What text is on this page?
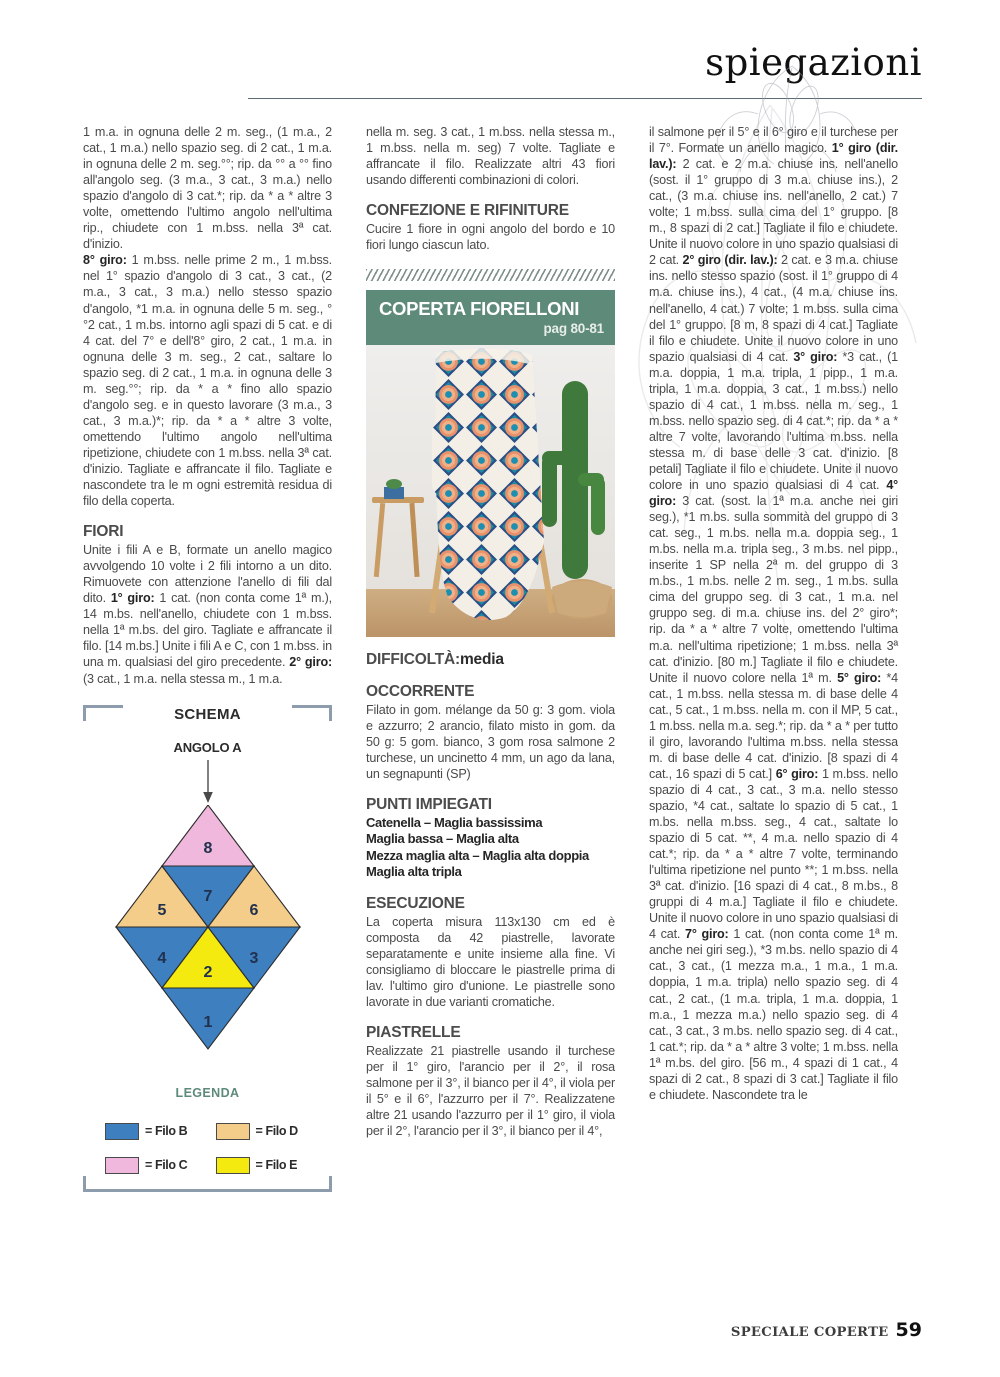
spiegazioni
1 m.a. in ognuna delle 2 m. seg., (1 m.a., 2 cat., 1 m.a.) nello spazio seg. di 2 cat., 1 m.a. in ognuna delle 2 m. seg.°°; rip. da °° a °° fino all'angolo seg. (3 m.a., 3 cat., 3 m.a.) nello spazio d'angolo di 3 cat.*; rip. da * a * altre 3 volte, omettendo l'ultimo angolo nell'ultima rip., chiudete con 1 m.bss. nella 3ª cat. d'inizio.
8° giro: 1 m.bss. nelle prime 2 m., 1 m.bss. nel 1° spazio d'angolo di 3 cat., 3 cat., (2 m.a., 3 cat., 3 m.a.) nello stesso spazio d'angolo, *1 m.a. in ognuna delle 5 m. seg., °°2 cat., 1 m.bs. intorno agli spazi di 5 cat. e di 4 cat. del 7° e dell'8° giro, 2 cat., 1 m.a. in ognuna delle 3 m. seg., 2 cat., saltare lo spazio seg. di 2 cat., 1 m.a. in ognuna delle 3 m. seg.°°; rip. da * a * fino allo spazio d'angolo seg. e in questo lavorare (3 m.a., 3 cat., 3 m.a.)*; rip. da * a * altre 3 volte, omettendo l'ultimo angolo nell'ultima ripetizione, chiudete con 1 m.bss. nella 3ª cat. d'inizio. Tagliate e affrancate il filo. Tagliate e nascondete tra le m ogni estremità residua di filo della coperta.
FIORI
Unite i fili A e B, formate un anello magico avvolgendo 10 volte i 2 fili intorno a un dito. Rimuovete con attenzione l'anello di fili dal dito. 1° giro: 1 cat. (non conta come 1ª m.), 14 m.bs. nell'anello, chiudete con 1 m.bss. nella 1ª m.bs. del giro. Tagliate e affrancate il filo. [14 m.bs.] Unite i fili A e C, con 1 m.bss. in una m. qualsiasi del giro precedente. 2° giro: (3 cat., 1 m.a. nella stessa m., 1 m.a.
SCHEMA
ANGOLO A
8
5
7
6
4
2
3
1
LEGENDA
= Filo B	= Filo D
= Filo C	= Filo E
nella m. seg. 3 cat., 1 m.bss. nella stessa m., 1 m.bss. nella m. seg) 7 volte. Tagliate e affrancate il filo. Realizzate altri 43 fiori usando differenti combinazioni di colori.
CONFEZIONE E RIFINITURE
Cucire 1 fiore in ogni angolo del bordo e 10 fiori lungo ciascun lato.
COPERTA FIORELLONI
pag 80-81
DIFFICOLTÀ:media
OCCORRENTE
Filato in gom. mélange da 50 g: 3 gom. viola e azzurro; 2 arancio, filato misto in gom. da 50 g: 5 gom. bianco, 3 gom rosa salmone 2 turchese, un uncinetto 4 mm, un ago da lana, un segnapunti (SP)
PUNTI IMPIEGATI
Catenella – Maglia bassissima
Maglia bassa – Maglia alta
Mezza maglia alta – Maglia alta doppia
Maglia alta tripla
ESECUZIONE
La coperta misura 113x130 cm ed è composta da 42 piastrelle, lavorate separatamente e unite insieme alla fine. Vi consigliamo di bloccare le piastrelle prima di lav. l'ultimo giro d'unione. Le piastrelle sono lavorate in due varianti cromatiche.
PIASTRELLE
Realizzate 21 piastrelle usando il turchese per il 1° giro, l'arancio per il 2°, il rosa salmone per il 3°, il bianco per il 4°, il viola per il 5° e il 6°, l'azzurro per il 7°. Realizzatene altre 21 usando l'azzurro per il 1° giro, il viola per il 2°, l'arancio per il 3°, il bianco per il 4°,
il salmone per il 5° e il 6° giro e il turchese per il 7°. Formate un anello magico. 1° giro (dir. lav.): 2 cat. e 2 m.a. chiuse ins. nell'anello (sost. il 1° gruppo di 3 m.a. chiuse ins.), 2 cat., (3 m.a. chiuse ins. nell'anello, 2 cat.) 7 volte; 1 m.bss. sulla cima del 1° gruppo. [8 m., 8 spazi di 2 cat.] Tagliate il filo e chiudete. Unite il nuovo colore in uno spazio qualsiasi di 2 cat. 2° giro (dir. lav.): 2 cat. e 3 m.a. chiuse ins. nello stesso spazio (sost. il 1° gruppo di 4 m.a. chiuse ins.), 4 cat., (4 m.a. chiuse ins. nell'anello, 4 cat.) 7 volte; 1 m.bss. sulla cima del 1° gruppo. [8 m, 8 spazi di 4 cat.] Tagliate il filo e chiudete. Unite il nuovo colore in uno spazio qualsiasi di 4 cat. 3° giro: *3 cat., (1 m.a. doppia, 1 m.a. tripla, 1 pipp., 1 m.a. tripla, 1 m.a. doppia, 3 cat., 1 m.bss.) nello spazio di 4 cat., 1 m.bss. nella m. seg., 1 m.bss. nello spazio seg. di 4 cat.*; rip. da * a * altre 7 volte, lavorando l'ultima m.bss. nella stessa m. di base delle 3 cat. d'inizio. [8 petali] Tagliate il filo e chiudete. Unite il nuovo colore in uno spazio qualsiasi di 4 cat. 4° giro: 3 cat. (sost. la 1ª m.a. anche nei giri seg.), *1 m.bs. sulla sommità del gruppo di 3 cat. seg., 1 m.bs. nella m.a. doppia seg., 1 m.bs. nella m.a. tripla seg., 3 m.bs. nel pipp., inserite 1 SP nella 2ª m. del gruppo di 3 m.bs., 1 m.bs. nelle 2 m. seg., 1 m.bs. sulla cima del gruppo seg. di 3 cat., 1 m.a. nel gruppo seg. di m.a. chiuse ins. del 2° giro*; rip. da * a * altre 7 volte, omettendo l'ultima m.a. nell'ultima ripetizione; 1 m.bss. nella 3ª cat. d'inizio. [80 m.] Tagliate il filo e chiudete. Unite il nuovo colore nella 1ª m. 5° giro: *4 cat., 1 m.bss. nella stessa m. di base delle 4 cat., 5 cat., 1 m.bss. nella m. con il MP, 5 cat., 1 m.bss. nella m.a. seg.*; rip. da * a * per tutto il giro, lavorando l'ultima m.bss. nella stessa m. di base delle 4 cat. d'inizio. [8 spazi di 4 cat., 16 spazi di 5 cat.] 6° giro: 1 m.bss. nello spazio di 4 cat., 3 cat., 3 m.a. nello stesso spazio, *4 cat., saltate lo spazio di 5 cat., 1 m.bs. nella m.bss. seg., 4 cat., saltate lo spazio di 5 cat. **, 4 m.a. nello spazio di 4 cat.*; rip. da * a * altre 7 volte, terminando l'ultima ripetizione nel punto **; 1 m.bss. nella 3ª cat. d'inizio. [16 spazi di 4 cat., 8 m.bs., 8 gruppi di 4 m.a.] Tagliate il filo e chiudete. Unite il nuovo colore in uno spazio qualsiasi di 4 cat. 7° giro: 1 cat. (non conta come 1ª m. anche nei giri seg.), *3 m.bs. nello spazio di 4 cat., 3 cat., (1 mezza m.a., 1 m.a., 1 m.a. doppia, 1 m.a. tripla) nello spazio seg. di 4 cat., 2 cat., (1 m.a. tripla, 1 m.a. doppia, 1 m.a., 1 mezza m.a.) nello spazio seg. di 4 cat., 3 cat., 3 m.bs. nello spazio seg. di 4 cat., 1 cat.*; rip. da * a * altre 3 volte; 1 m.bss. nella 1ª m.bs. del giro. [56 m., 4 spazi di 1 cat., 4 spazi di 2 cat., 8 spazi di 3 cat.] Tagliate il filo e chiudete. Nascondete tra le
SPECIALE COPERTE 59
